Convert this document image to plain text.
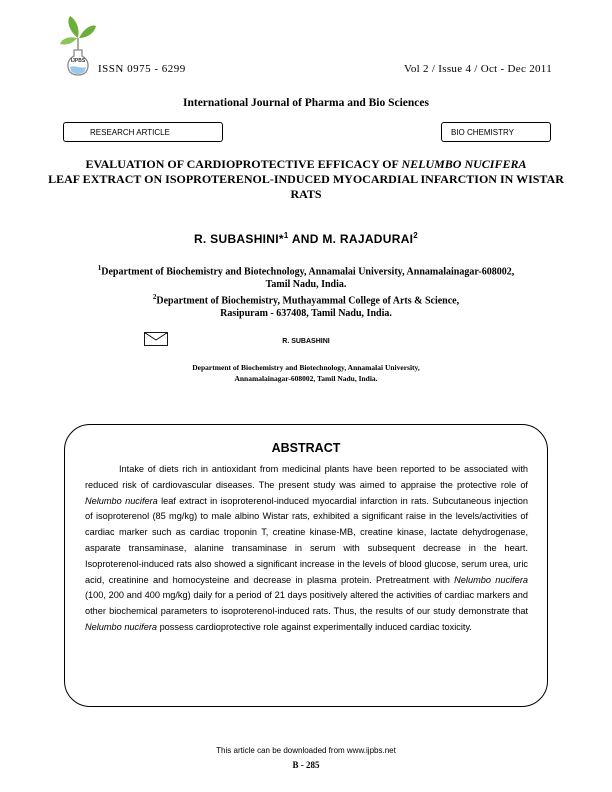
IJPBS
ISSN 0975 - 6299	Vol 2 / Issue 4 / Oct - Dec 2011
International Journal of Pharma and Bio Sciences
RESEARCH ARTICLE	BIO CHEMISTRY
EVALUATION OF CARDIOPROTECTIVE EFFICACY OF NELUMBO NUCIFERA
LEAF EXTRACT ON ISOPROTERENOL-INDUCED MYOCARDIAL INFARCTION IN WISTAR RATS
R. SUBASHINI*$^1$ AND M. RAJADURAI$^2$
$^1$Department of Biochemistry and Biotechnology, Annamalai University, Annamalainagar-608002,
Tamil Nadu, India.
$^2$Department of Biochemistry, Muthayammal College of Arts & Science,
Rasipuram - 637408, Tamil Nadu, India.
R. SUBASHINI
Department of Biochemistry and Biotechnology, Annamalai University,
Annamalainagar-608002, Tamil Nadu, India.
ABSTRACT
Intake of diets rich in antioxidant from medicinal plants have been reported to be associated with reduced risk of cardiovascular diseases. The present study was aimed to appraise the protective role of Nelumbo nucifera leaf extract in isoproterenol-induced myocardial infarction in rats. Subcutaneous injection of isoproterenol (85 mg/kg) to male albino Wistar rats, exhibited a significant raise in the levels/activities of cardiac marker such as cardiac troponin T, creatine kinase-MB, creatine kinase, lactate dehydrogenase, asparate transaminase, alanine transaminase in serum with subsequent decrease in the heart. Isoproterenol-induced rats also showed a significant increase in the levels of blood glucose, serum urea, uric acid, creatinine and homocysteine and decrease in plasma protein. Pretreatment with Nelumbo nucifera (100, 200 and 400 mg/kg) daily for a period of 21 days positively altered the activities of cardiac markers and other biochemical parameters to isoproterenol-induced rats. Thus, the results of our study demonstrate that Nelumbo nucifera possess cardioprotective role against experimentally induced cardiac toxicity.
This article can be downloaded from www.ijpbs.net
B - 285
